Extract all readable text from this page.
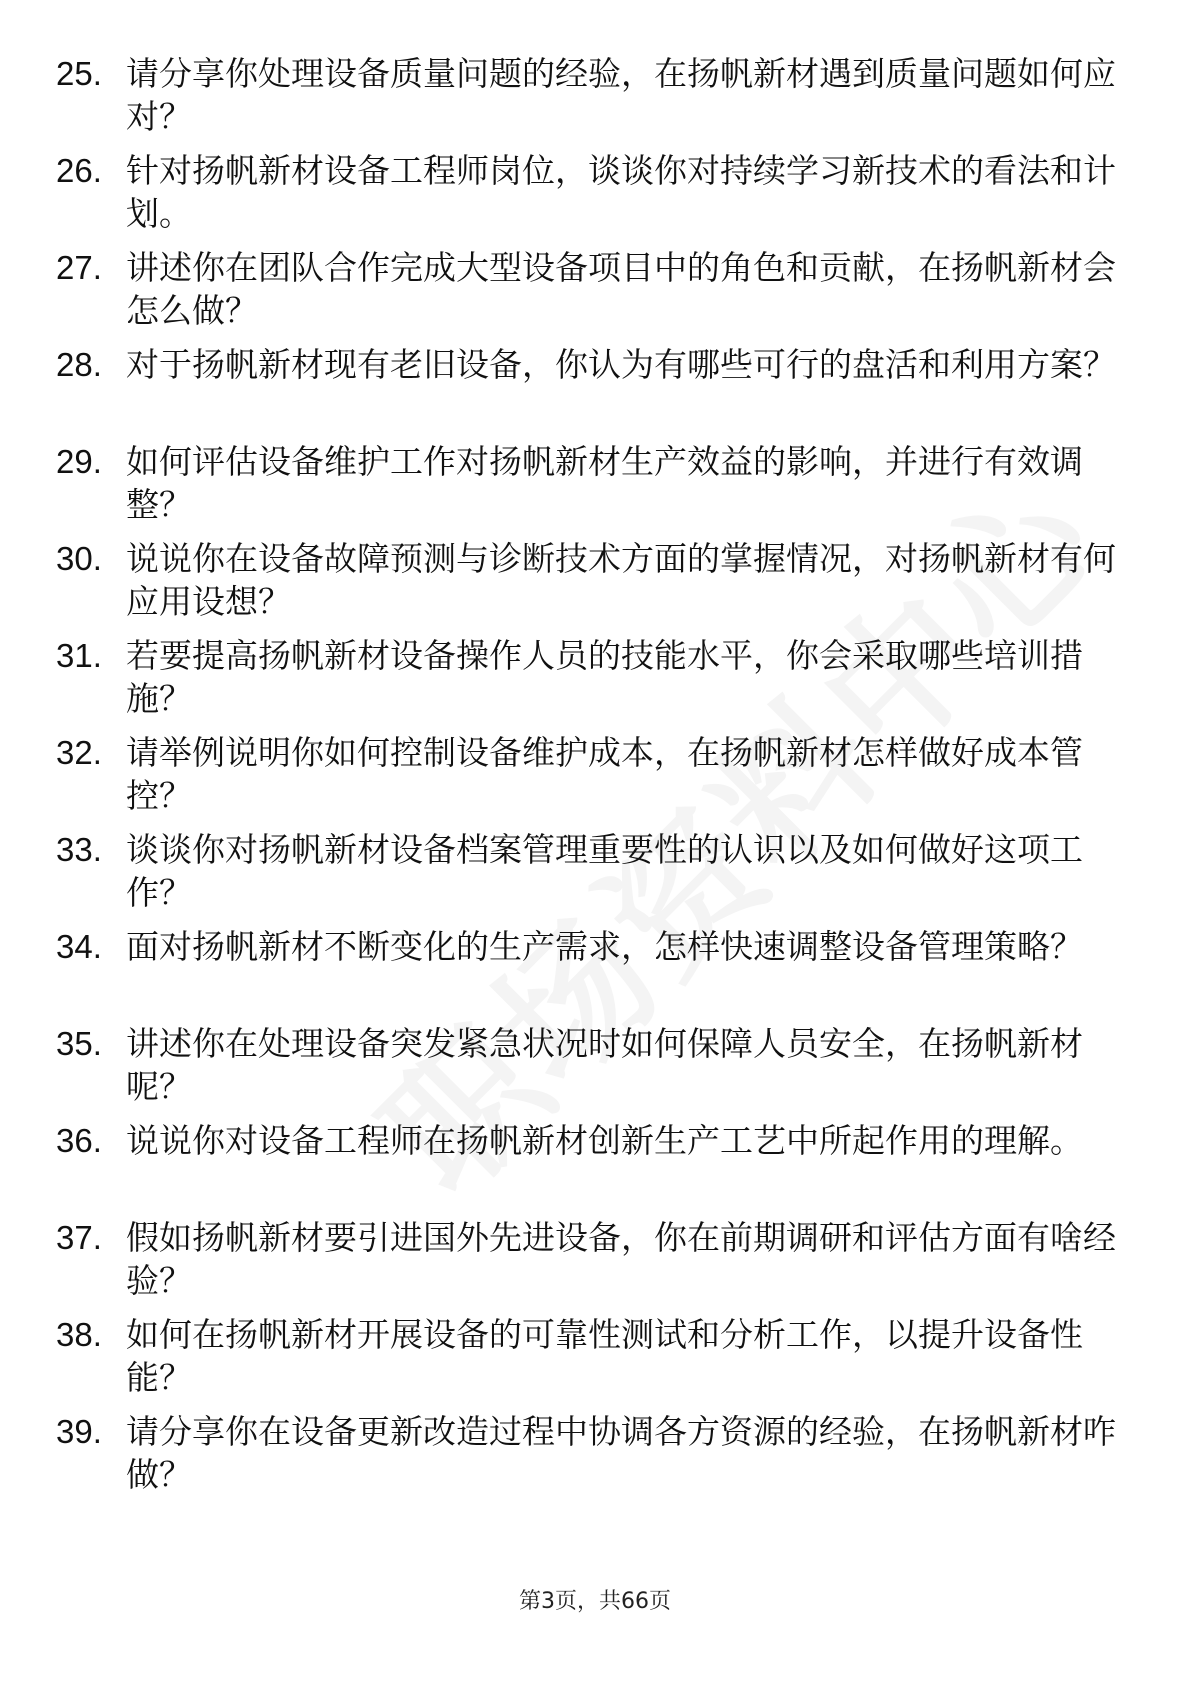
25. 请分享你处理设备质量问题的经验，在扬帆新材遇到质量问题如何应对？
26. 针对扬帆新材设备工程师岗位，谈谈你对持续学习新技术的看法和计划。
27. 讲述你在团队合作完成大型设备项目中的角色和贡献，在扬帆新材会怎么做？
28. 对于扬帆新材现有老旧设备，你认为有哪些可行的盘活和利用方案？
29. 如何评估设备维护工作对扬帆新材生产效益的影响，并进行有效调整？
30. 说说你在设备故障预测与诊断技术方面的掌握情况，对扬帆新材有何应用设想？
31. 若要提高扬帆新材设备操作人员的技能水平，你会采取哪些培训措施？
32. 请举例说明你如何控制设备维护成本，在扬帆新材怎样做好成本管控？
33. 谈谈你对扬帆新材设备档案管理重要性的认识以及如何做好这项工作？
34. 面对扬帆新材不断变化的生产需求，怎样快速调整设备管理策略？
35. 讲述你在处理设备突发紧急状况时如何保障人员安全，在扬帆新材呢？
36. 说说你对设备工程师在扬帆新材创新生产工艺中所起作用的理解。
37. 假如扬帆新材要引进国外先进设备，你在前期调研和评估方面有啥经验？
38. 如何在扬帆新材开展设备的可靠性测试和分析工作，以提升设备性能？
39. 请分享你在设备更新改造过程中协调各方资源的经验，在扬帆新材咋做？
第3页，共66页
